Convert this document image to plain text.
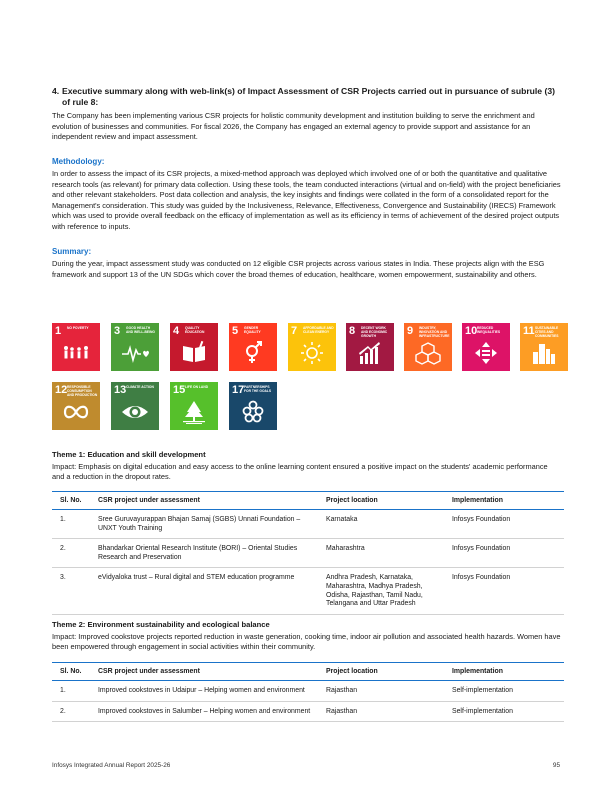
4. Executive summary along with web-link(s) of Impact Assessment of CSR Projects carried out in pursuance of subrule (3) of rule 8:
The Company has been implementing various CSR projects for holistic community development and institution building to serve the enrichment and evolution of businesses and communities. For fiscal 2026, the Company has engaged an external agency to provide support and assistance for an independent review and impact assessment.
Methodology:
In order to assess the impact of its CSR projects, a mixed-method approach was deployed which involved one of or both the quantitative and qualitative research tools (as relevant) for primary data collection. Using these tools, the team conducted interactions (virtual and on-field) with the project beneficiaries and other relevant stakeholders. Post data collection and analysis, the key insights and findings were collated in the form of a consolidated report for the Management's consideration. This study was guided by the Inclusiveness, Relevance, Effectiveness, Convergence and Sustainability (IRECS) Framework which was used to provide overall feedback on the efficacy of implementation as well as its efficiency in terms of achievement of the desired project outputs with reference to inputs.
Summary:
During the year, impact assessment study was conducted on 12 eligible CSR projects across various states in India. These projects align with the ESG framework and support 13 of the UN SDGs which cover the broad themes of education, healthcare, women empowerment, sustainability and others.
1 NO POVERTY	3 GOOD HEALTH AND WELL-BEING 4 QUALITY EDUCATION	5 GENDER EQUALITY	7 AFFORDABLE AND CLEAN ENERGY	8 DECENT WORK AND ECONOMIC GROWTH	9 INDUSTRY, INNOVATION AND INFRASTRUCTURE 10 REDUCED INEQUALITIES	11 SUSTAINABLE CITIES AND COMMUNITIES
12 RESPONSIBLE CONSUMPTION AND PRODUCTION 13 CLIMATE ACTION 15 LIFE ON LAND	17 PARTNERSHIPS FOR THE GOALS
Theme 1: Education and skill development
Impact: Emphasis on digital education and easy access to the online learning content ensured a positive impact on the students' academic performance and a reduction in the dropout rates.
Sl. No.	CSR project under assessment	Project location	Implementation
1.	Sree Guruvayurappan Bhajan Samaj (SGBS) Unnati Foundation – UNXT Youth Training	Karnataka	Infosys Foundation
2.	Bhandarkar Oriental Research Institute (BORI) – Oriental Studies Research and Preservation	Maharashtra	Infosys Foundation
3.	eVidyaloka trust – Rural digital and STEM education programme	Andhra Pradesh, Karnataka, Maharashtra, Madhya Pradesh, Odisha, Rajasthan, Tamil Nadu, Telangana and Uttar Pradesh	Infosys Foundation
Theme 2: Environment sustainability and ecological balance
Impact: Improved cookstove projects reported reduction in waste generation, cooking time, indoor air pollution and associated health hazards. Women have been empowered through engagement in social activities within their community.
Sl. No.	CSR project under assessment	Project location	Implementation
1.	Improved cookstoves in Udaipur – Helping women and environment	Rajasthan	Self-implementation
2.	Improved cookstoves in Salumber – Helping women and environment	Rajasthan	Self-implementation
Infosys Integrated Annual Report 2025-26	95
